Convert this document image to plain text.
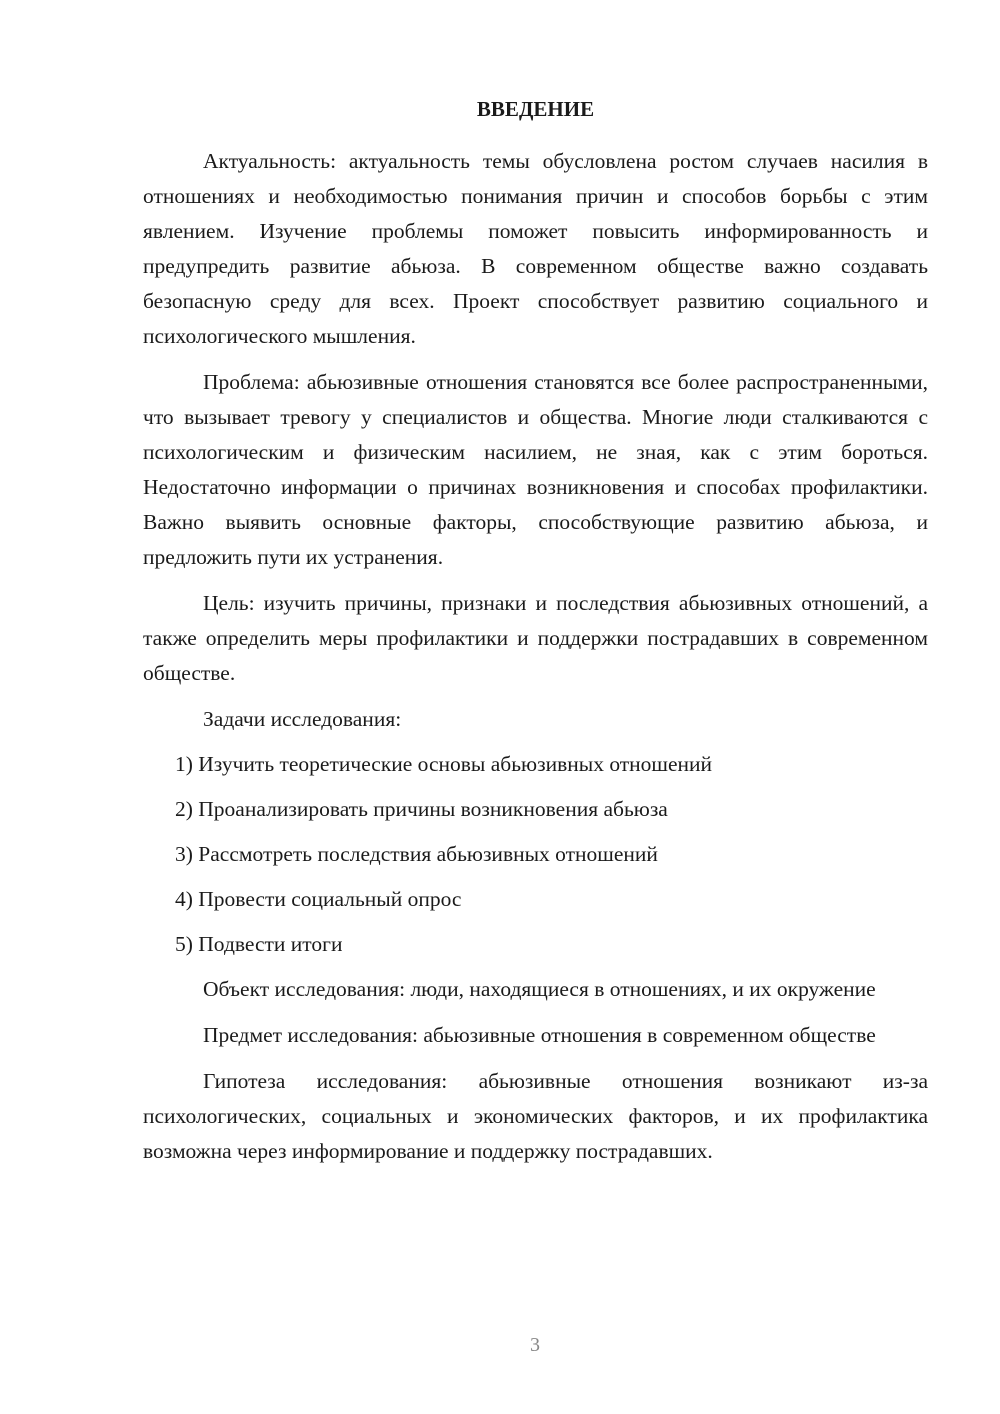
ВВЕДЕНИЕ

Актуальность: актуальность темы обусловлена ростом случаев насилия в отношениях и необходимостью понимания причин и способов борьбы с этим явлением. Изучение проблемы поможет повысить информированность и предупредить развитие абьюза. В современном обществе важно создавать безопасную среду для всех. Проект способствует развитию социального и психологического мышления.

Проблема: абьюзивные отношения становятся все более распространенными, что вызывает тревогу у специалистов и общества. Многие люди сталкиваются с психологическим и физическим насилием, не зная, как с этим бороться. Недостаточно информации о причинах возникновения и способах профилактики. Важно выявить основные факторы, способствующие развитию абьюза, и предложить пути их устранения.

Цель: изучить причины, признаки и последствия абьюзивных отношений, а также определить меры профилактики и поддержки пострадавших в современном обществе.

Задачи исследования:

1) Изучить теоретические основы абьюзивных отношений
2) Проанализировать причины возникновения абьюза
3) Рассмотреть последствия абьюзивных отношений
4) Провести социальный опрос
5) Подвести итоги

Объект исследования: люди, находящиеся в отношениях, и их окружение

Предмет исследования: абьюзивные отношения в современном обществе

Гипотеза исследования: абьюзивные отношения возникают из-за психологических, социальных и экономических факторов, и их профилактика возможна через информирование и поддержку пострадавших.

3
